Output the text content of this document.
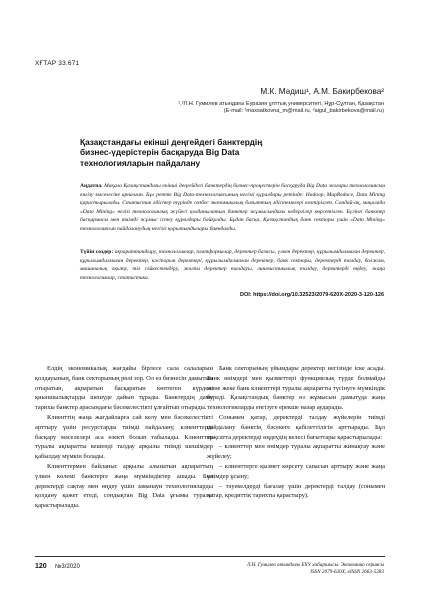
ХҒТАР 33.671
М.К. Мәдиш¹, А.М. Бакирбекова²
¹,²Л.Н. Гумилев атындағы Еуразия ұлттық университеті, Нұр-Сұлтан, Қазақстан
(E-mail: ¹maxsatkovna_m@mail.ru, ²aigul_bakirbekova@mail.ru)
Қазақстандағы екінші деңгейдегі банктердің
бизнес-үдерістерін басқаруда Big Data
технологияларын пайдалану
Аңдатпа. Мақала Қазақстандағы екінші деңгейдегі банктердің бизнес-процестерін басқаруда Big Data жоғары технологиясын енгізу мәселесіне арналған. Бұл ретте Big Data-технологиясының негізгі құралдары ретінде: Hadoop, MapReduce, Data Mining қарастырылады. Статистик әдістер түрінде сөзбес экономикалық бағыттың әдістемелері келтірілген. Сондай-ақ, мақалада «Data Mining» негізі технологиялық жүйесі қолданылатын банктер жұмысындағы кедергілер көрсетілген. Бүгінгі банктер басқармасы мен тиімді жұмыс істеу құралдары байқалды. Бұдан басқа, Қазақстандық банк секторы үшін «Data Mining» технологиясын пайдаланудың негізгі қорытындылары баяндалды.
Түйін сөздер: ақпараттандыру, технологиялар, платформалар, деректер базасы, үлкен деректер, құрылымдалмаған деректер, құрылымдалмаған деректер, кәсіпорын деректері, құрылымдалмаған деректер, банк секторы, деректерді талдау, болжам, машиналық оқыту, тіл сәйкестендіру, жалпы деректер талдауы, лингвистикалық талдау, деректерді өңдеу, жаңа технологиялар, статистика.
DOI: https://doi.org/10.32523/2079-620X-2020-3-120-126

Елдің экономикалық жағдайы бірлесе сала салаларын қолдауының, банк секторының рөлі зор. Ол өз бизнесін дамытып отыратын, ақпаратын басқаратын көптеген күрделі қиыншылықтарды шешуде дайын тұрады. Банктердің даму тарихы банктер арасындағы бәсекелестікті ұлғайтып отырады.

Клиенттің жаңа жағдайларға сай келу мен бәсекелестікті арттыру үшін ресурстарды тиімді пайдалану, клиенттерді басқару мәселелері аса өзекті болып табылады. Клиенттер туралы ақпаратты кешенді талдау арқылы тиімді шешімдер қабылдау мүмкін болады.

Клиенттермен байланыс арқылы алынатын ақпараттың үлкен көлемі банктерге жаңа мүмкіндіктер ашады. Бұл деректерді сақтау мен өңдеу үшін заманауи технологияларды қолдану қажет етеді, сондықтан Big Data ұғымы туралы қарастырылады.

Банк секторының үйымдары деректер негізінде іске асады. Банк өнімдері мен қызметтері функциялық түрде болмайды және жеке банк клиенттері туралы ақпаратты түсінуге мүмкіндік береді. Қазақстандық банктер өз жұмысын дамытуда жаңа технологияларды енгізуге ерекше назар аударады.

Сонымен қатар, деректерді талдау жүйелерін тиімді пайдалану банктің бәсекеге қабілеттілігін арттырады. Бұл мақсатта деректерді өңдеудің келесі бағыттары қарастырылады:

– клиенттер мен өнімдер туралы ақпаратты жинақтау және жүйелеу;

– клиенттерге қызмет көрсету сапасын арттыру және жаңа өнімдер ұсыну;

– тәуекелдерді бағалау үшін деректерді талдау (сонымен қатар, кредиттік тарихты қарастыру).

120 №3/2020	Л.Н. Гумилев атындағы ЕҰУ хабаршысы. Экономика сериясы
ISSN 2079-620X, eISSN 2663-5283
